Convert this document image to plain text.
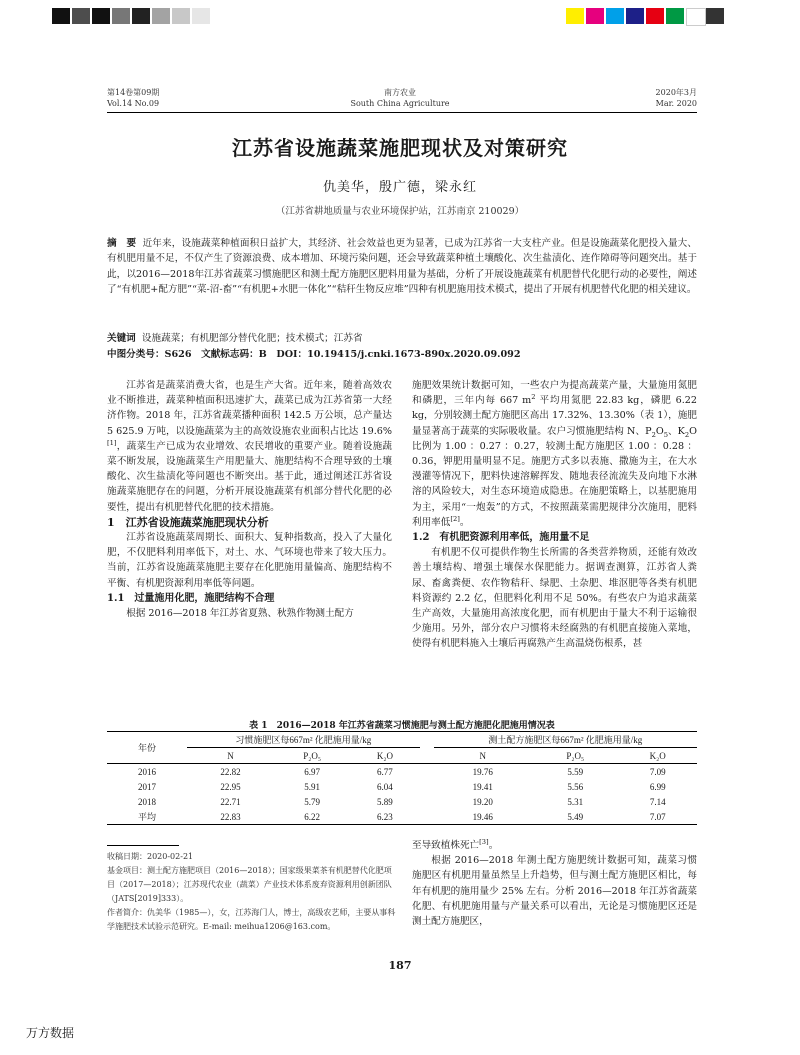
第14卷第09期
Vol.14 No.09
南方农业
South China Agriculture
2020年3月
Mar. 2020
江苏省设施蔬菜施肥现状及对策研究
仇美华，殷广德，梁永红
（江苏省耕地质量与农业环境保护站，江苏南京 210029）
摘　要 近年来，设施蔬菜种植面积日益扩大，其经济、社会效益也更为显著，已成为江苏省一大支柱产业。但是设施蔬菜化肥投入量大、有机肥用量不足，不仅产生了资源浪费、成本增加、环境污染问题，还会导致蔬菜种植土壤酸化、次生盐渍化、连作障碍等问题突出。基于此，以2016—2018年江苏省蔬菜习惯施肥区和测土配方施肥区肥料用量为基础，分析了开展设施蔬菜有机肥替代化肥行动的必要性，阐述了“有机肥+配方肥”“菜-沼-畜”“有机肥+水肥一体化”“秸秆生物反应堆”四种有机肥施用技术模式，提出了开展有机肥替代化肥的相关建议。
关键词 设施蔬菜；有机肥部分替代化肥；技术模式；江苏省
中图分类号：S626　文献标志码：B　DOI：10.19415/j.cnki.1673-890x.2020.09.092

江苏省是蔬菜消费大省，也是生产大省。近年来，随着高效农业不断推进，蔬菜种植面积迅速扩大，蔬菜已成为江苏省第一大经济作物。2018 年，江苏省蔬菜播种面积 142.5 万公顷，总产量达 5 625.9 万吨，以设施蔬菜为主的高效设施农业面积占比达 19.6%[1]，蔬菜生产已成为农业增效、农民增收的重要产业。随着设施蔬菜不断发展，设施蔬菜生产用肥量大、施肥结构不合理导致的土壤酸化、次生盐渍化等问题也不断突出。基于此，通过阐述江苏省设施蔬菜施肥存在的问题，分析开展设施蔬菜有机部分替代化肥的必要性，提出有机肥替代化肥的技术措施。

1　江苏省设施蔬菜施肥现状分析

江苏省设施蔬菜周期长、面积大、复种指数高，投入了大量化肥，不仅肥料利用率低下，对土、水、气环境也带来了较大压力。当前，江苏省设施蔬菜施肥主要存在化肥施用量偏高、施肥结构不平衡、有机肥资源利用率低等问题。

1.1　过量施用化肥，施肥结构不合理

根据 2016—2018 年江苏省夏熟、秋熟作物测土配方

施肥效果统计数据可知，一些农户为提高蔬菜产量，大量施用氮肥和磷肥，三年内每 667 $m^2$ 平均用氮肥 22.83 kg，磷肥 6.22 kg，分别较测土配方施肥区高出 17.32%、13.30%（表 1），施肥量显著高于蔬菜的实际吸收量。农户习惯施肥结构 N、$P_2O_5$、$K_2O$ 比例为 1.00 ：0.27 ：0.27，较测土配方施肥区 1.00 ：0.28 ：0.36，钾肥用量明显不足。施肥方式多以表施、撒施为主，在大水漫灌等情况下，肥料快速溶解挥发、随地表径流流失及向地下水淋溶的风险较大，对生态环境造成隐患。在施肥策略上，以基肥施用为主，采用“一炮轰”的方式，不按照蔬菜需肥规律分次施用，肥料利用率低[2]。

1.2　有机肥资源利用率低，施用量不足

有机肥不仅可提供作物生长所需的各类营养物质，还能有效改善土壤结构、增强土壤保水保肥能力。据调查测算，江苏省人粪尿、畜禽粪便、农作物秸秆、绿肥、土杂肥、堆沤肥等各类有机肥料资源约 2.2 亿，但肥料化利用不足 50%。有些农户为追求蔬菜生产高效，大量施用高浓度化肥，而有机肥由于量大不利于运输很少施用。另外，部分农户习惯将未经腐熟的有机肥直接施入菜地，使得有机肥料施入土壤后再腐熟产生高温烧伤根系，甚

表 1　2016—2018 年江苏省蔬菜习惯施肥与测土配方施肥化肥施用情况表
年份	习惯施肥区每667m² 化肥施用量/kg				测土配方施肥区每667m² 化肥施用量/kg		
	N	P₂O₅	K₂O		N	P₂O₅	K₂O
2016	22.82	6.97	6.77		19.76	5.59	7.09
2017	22.95	5.91	6.04		19.41	5.56	6.99
2018	22.71	5.79	5.89		19.20	5.31	7.14
平均	22.83	6.22	6.23		19.46	5.49	7.07
收稿日期：2020-02-21
基金项目：测土配方施肥项目（2016—2018）；国家级果菜茶有机肥替代化肥项目（2017—2018）；江苏现代农业（蔬菜）产业技术体系废弃资源利用创新团队（JATS[2019]333）。
作者简介：仇美华（1985—），女，江苏海门人，博士，高级农艺师，主要从事科学施肥技术试验示范研究。E-mail: meihua1206@163.com。

至导致植株死亡[3]。

根据 2016—2018 年测土配方施肥统计数据可知，蔬菜习惯施肥区有机肥用量虽然呈上升趋势，但与测土配方施肥区相比，每年有机肥的施用量少 25% 左右。分析 2016—2018 年江苏省蔬菜化肥、有机肥施用量与产量关系可以看出，无论是习惯施肥区还是测土配方施肥区，

187
万方数据
